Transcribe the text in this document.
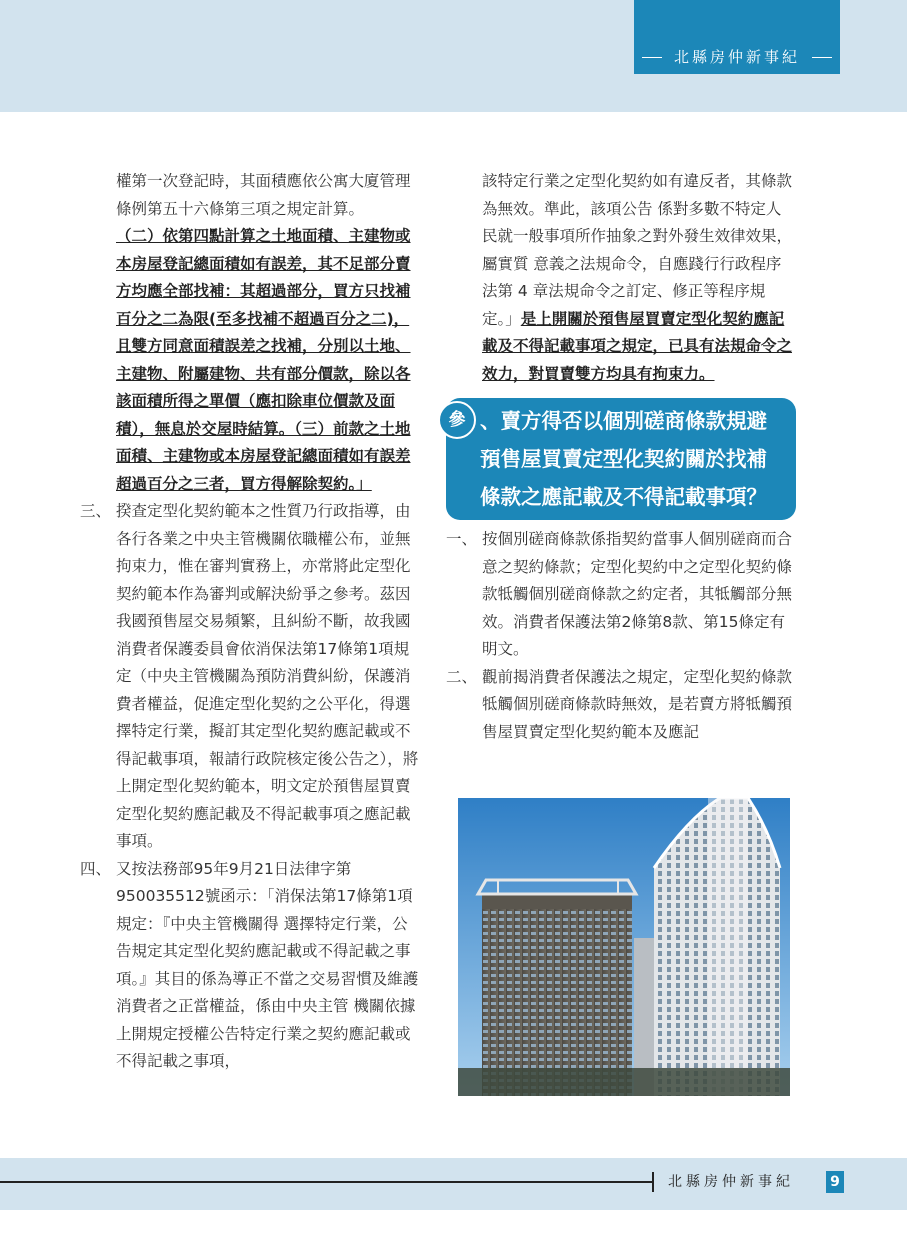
北縣房仲新事紀

權第一次登記時，其面積應依公寓大廈管理條例第五十六條第三項之規定計算。

（二）依第四點計算之土地面積、主建物或本房屋登記總面積如有誤差，其不足部分賣方均應全部找補：其超過部分，買方只找補百分之二為限(至多找補不超過百分之二)，且雙方同意面積誤差之找補，分別以土地、主建物、附屬建物、共有部分價款，除以各該面積所得之單價（應扣除車位價款及面積），無息於交屋時結算。（三）前款之土地面積、主建物或本房屋登記總面積如有誤差超過百分之三者，買方得解除契約。」

三、 揆查定型化契約範本之性質乃行政指導，由各行各業之中央主管機關依職權公布，並無拘束力，惟在審判實務上，亦常將此定型化契約範本作為審判或解決紛爭之參考。茲因我國預售屋交易頻繁，且糾紛不斷，故我國消費者保護委員會依消保法第17條第1項規定（中央主管機關為預防消費糾紛，保護消費者權益，促進定型化契約之公平化，得選擇特定行業，擬訂其定型化契約應記載或不得記載事項，報請行政院核定後公告之），將上開定型化契約範本，明文定於預售屋買賣定型化契約應記載及不得記載事項之應記載事項。
四、 又按法務部95年9月21日法律字第950035512號函示：「消保法第17條第1項規定：『中央主管機關得 選擇特定行業，公告規定其定型化契約應記載或不得記載之事項。』其目的係為導正不當之交易習慣及維護消費者之正當權益，係由中央主管 機關依據上開規定授權公告特定行業之契約應記載或不得記載之事項，

該特定行業之定型化契約如有違反者，其條款為無效。準此，該項公告 係對多數不特定人民就一般事項所作抽象之對外發生效律效果，屬實質 意義之法規命令，自應踐行行政程序法第 4 章法規命令之訂定、修正等程序規定。」是上開關於預售屋買賣定型化契約應記載及不得記載事項之規定，已具有法規命令之效力，對買賣雙方均具有拘束力。

參 、賣方得否以個別磋商條款規避預售屋買賣定型化契約關於找補條款之應記載及不得記載事項？
一、 按個別磋商條款係指契約當事人個別磋商而合意之契約條款；定型化契約中之定型化契約條款牴觸個別磋商條款之約定者，其牴觸部分無效。消費者保護法第2條第8款、第15條定有明文。
二、 觀前揭消費者保護法之規定，定型化契約條款牴觸個別磋商條款時無效，是若賣方將牴觸預售屋買賣定型化契約範本及應記
北縣房仲新事紀	9
